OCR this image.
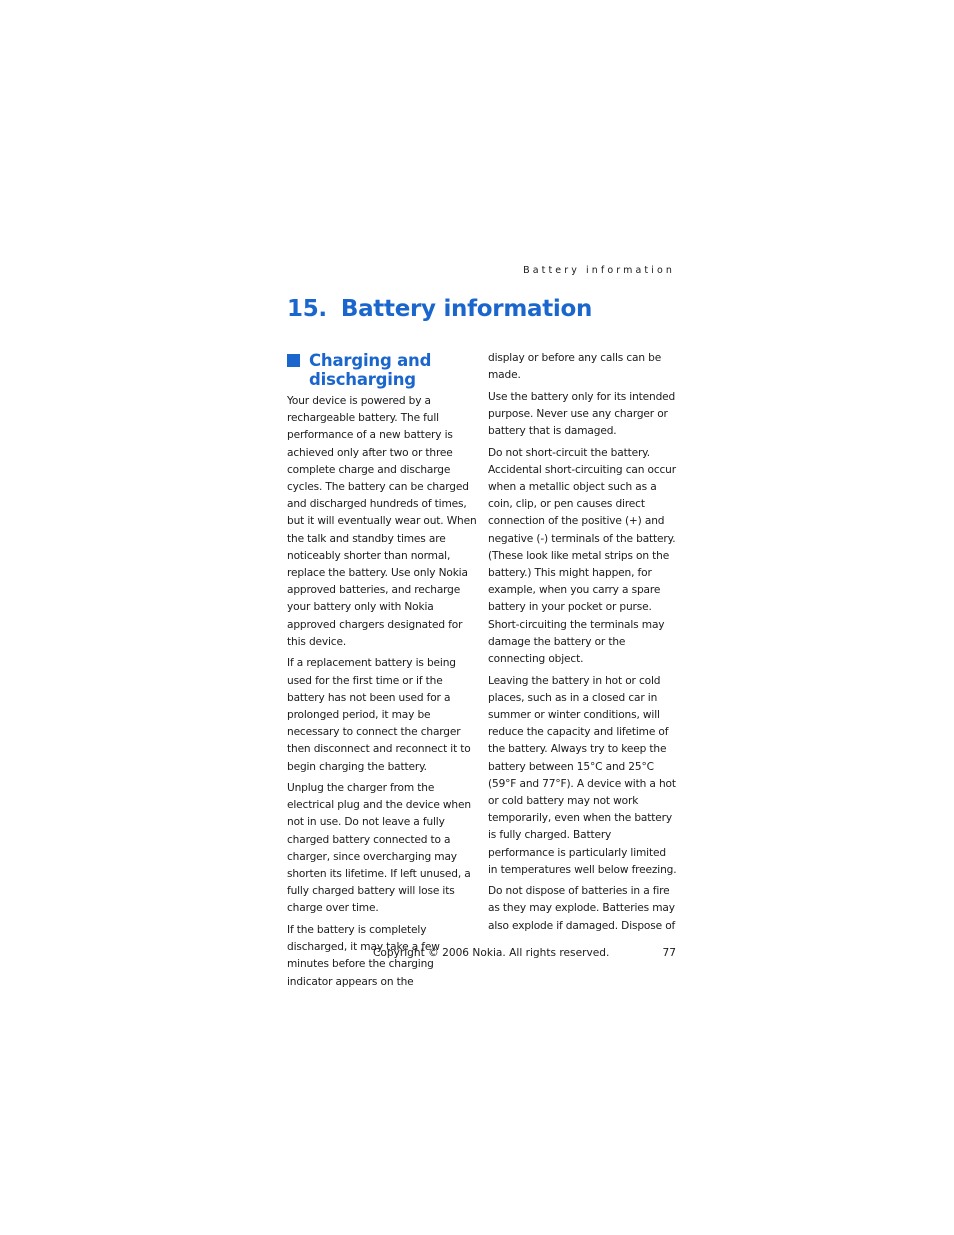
Battery information
15. Battery information
Charging and discharging

Your device is powered by a rechargeable battery. The full performance of a new battery is achieved only after two or three complete charge and discharge cycles. The battery can be charged and discharged hundreds of times, but it will eventually wear out. When the talk and standby times are noticeably shorter than normal, replace the battery. Use only Nokia approved batteries, and recharge your battery only with Nokia approved chargers designated for this device.

If a replacement battery is being used for the first time or if the battery has not been used for a prolonged period, it may be necessary to connect the charger then disconnect and reconnect it to begin charging the battery.

Unplug the charger from the electrical plug and the device when not in use. Do not leave a fully charged battery connected to a charger, since overcharging may shorten its lifetime. If left unused, a fully charged battery will lose its charge over time.

If the battery is completely discharged, it may take a few minutes before the charging indicator appears on the

display or before any calls can be made.

Use the battery only for its intended purpose. Never use any charger or battery that is damaged.

Do not short-circuit the battery. Accidental short-circuiting can occur when a metallic object such as a coin, clip, or pen causes direct connection of the positive (+) and negative (-) terminals of the battery. (These look like metal strips on the battery.) This might happen, for example, when you carry a spare battery in your pocket or purse. Short-circuiting the terminals may damage the battery or the connecting object.

Leaving the battery in hot or cold places, such as in a closed car in summer or winter conditions, will reduce the capacity and lifetime of the battery. Always try to keep the battery between 15°C and 25°C (59°F and 77°F). A device with a hot or cold battery may not work temporarily, even when the battery is fully charged. Battery performance is particularly limited in temperatures well below freezing.

Do not dispose of batteries in a fire as they may explode. Batteries may also explode if damaged. Dispose of

Copyright © 2006 Nokia. All rights reserved.	77
